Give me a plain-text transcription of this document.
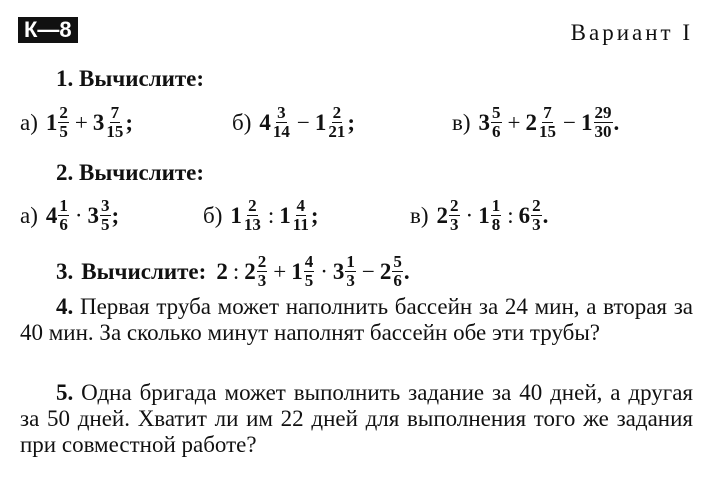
К—8	Вариант I
1. Вычислите:
а) $1 \frac{2}{5} + 3 \frac{7}{15}$ ;	б) $4 \frac{3}{14} - 1 \frac{2}{21}$ ;	в) $3 \frac{5}{6} + 2 \frac{7}{15} - 1 \frac{29}{30}$ .
2. Вычислите:
а) $4 \frac{1}{6} \cdot 3 \frac{3}{5}$ ;	б) $1 \frac{2}{13}$ : $1 \frac{4}{11}$ ;	в) $2 \frac{2}{3} \cdot 1 \frac{1}{8}$ : $6 \frac{2}{3}$ .
3. Вычислите: 2 : $2 \frac{2}{3} + 1 \frac{4}{5} \cdot 3 \frac{1}{3} - 2 \frac{5}{6}$ .
4. Первая труба может наполнить бассейн за 24 мин, а вторая за 40 мин. За сколько минут наполнят бассейн обе эти трубы?
5. Одна бригада может выполнить задание за 40 дней, а другая за 50 дней. Хватит ли им 22 дней для выполнения того же задания при совместной работе?
